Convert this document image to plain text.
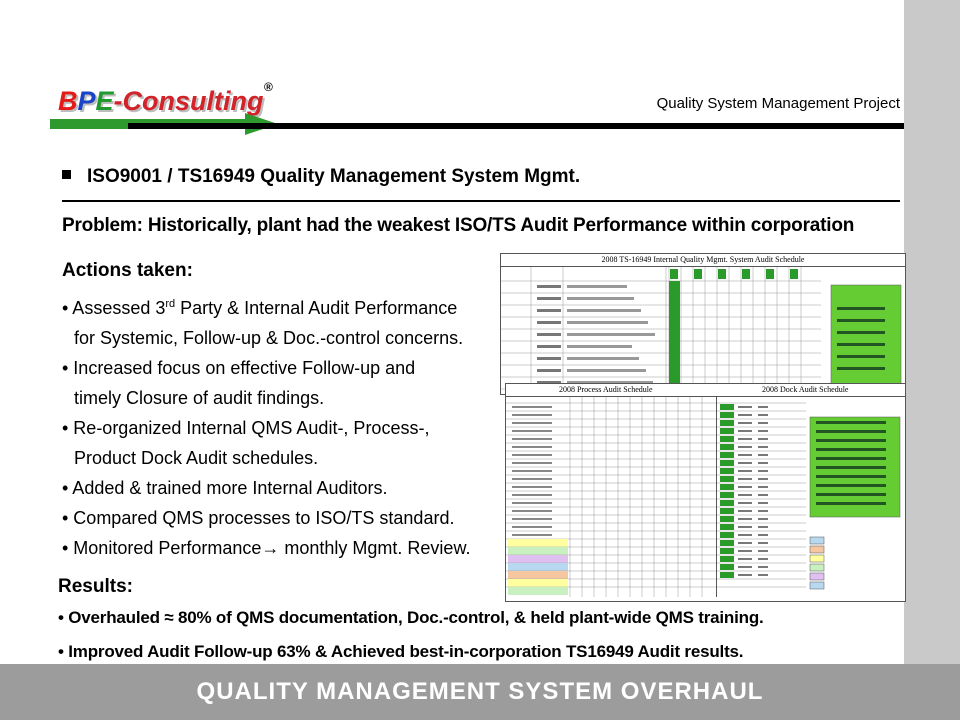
BPE-Consulting ®
Quality System Management Project
ISO9001 / TS16949 Quality Management System Mgmt.
Problem: Historically, plant had the weakest ISO/TS Audit Performance within corporation
Actions taken:
• Assessed 3rd Party & Internal Audit Performance
for Systemic, Follow-up & Doc.-control concerns.
• Increased focus on effective Follow-up and
timely Closure of audit findings.
• Re-organized Internal QMS Audit-, Process-,
Product Dock Audit schedules.
• Added & trained more Internal Auditors.
• Compared QMS processes to ISO/TS standard.
• Monitored Performance→ monthly Mgmt. Review.
2008 TS-16949 Internal Quality Mgmt. System Audit Schedule
2008 Process Audit Schedule	2008 Dock Audit Schedule
Results:
• Overhauled ≈ 80% of QMS documentation, Doc.-control, & held plant-wide QMS training.
• Improved Audit Follow-up 63% & Achieved best-in-corporation TS16949 Audit results.
QUALITY MANAGEMENT SYSTEM OVERHAUL
